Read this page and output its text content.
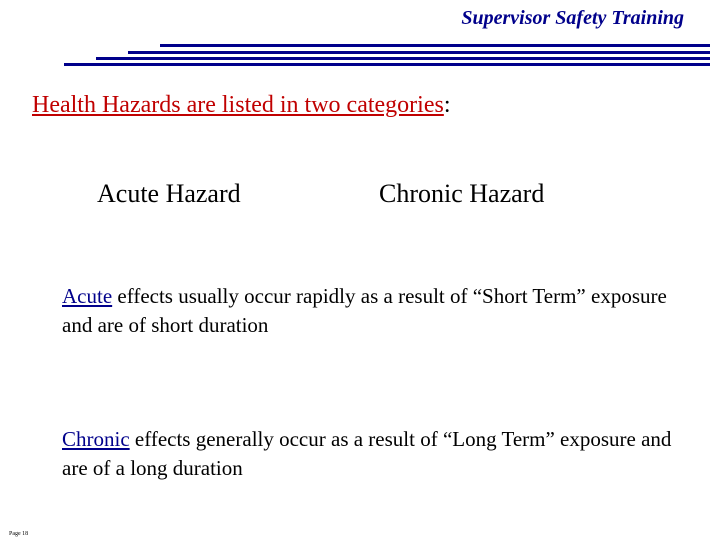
Supervisor Safety Training
Health Hazards are listed in two categories:
Acute Hazard	Chronic Hazard
Acute effects usually occur rapidly as a result of “Short Term” exposure and are of short duration
Chronic effects generally occur as a result of “Long Term” exposure and are of a long duration
Page 18
